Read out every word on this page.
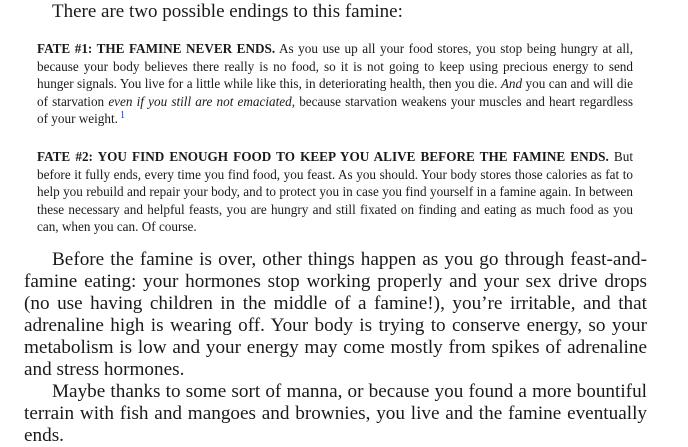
There are two possible endings to this famine:

FATE #1: THE FAMINE NEVER ENDS. As you use up all your food stores, you stop being hungry at all, because your body believes there really is no food, so it is not going to keep using precious energy to send hunger signals. You live for a little while like this, in deteriorating health, then you die. And you can and will die of starvation even if you still are not emaciated, because starvation weakens your muscles and heart regardless of your weight. $^1$

FATE #2: YOU FIND ENOUGH FOOD TO KEEP YOU ALIVE BEFORE THE FAMINE ENDS. But before it fully ends, every time you find food, you feast. As you should. Your body stores those calories as fat to help you rebuild and repair your body, and to protect you in case you find yourself in a famine again. In between these necessary and helpful feasts, you are hungry and still fixated on finding and eating as much food as you can, when you can. Of course.

Before the famine is over, other things happen as you go through feast-and-famine eating: your hormones stop working properly and your sex drive drops (no use having children in the middle of a famine!), you’re irritable, and that adrenaline high is wearing off. Your body is trying to conserve energy, so your metabolism is low and your energy may come mostly from spikes of adrenaline and stress hormones.

Maybe thanks to some sort of manna, or because you found a more bountiful terrain with fish and mangoes and brownies, you live and the famine eventually ends.
